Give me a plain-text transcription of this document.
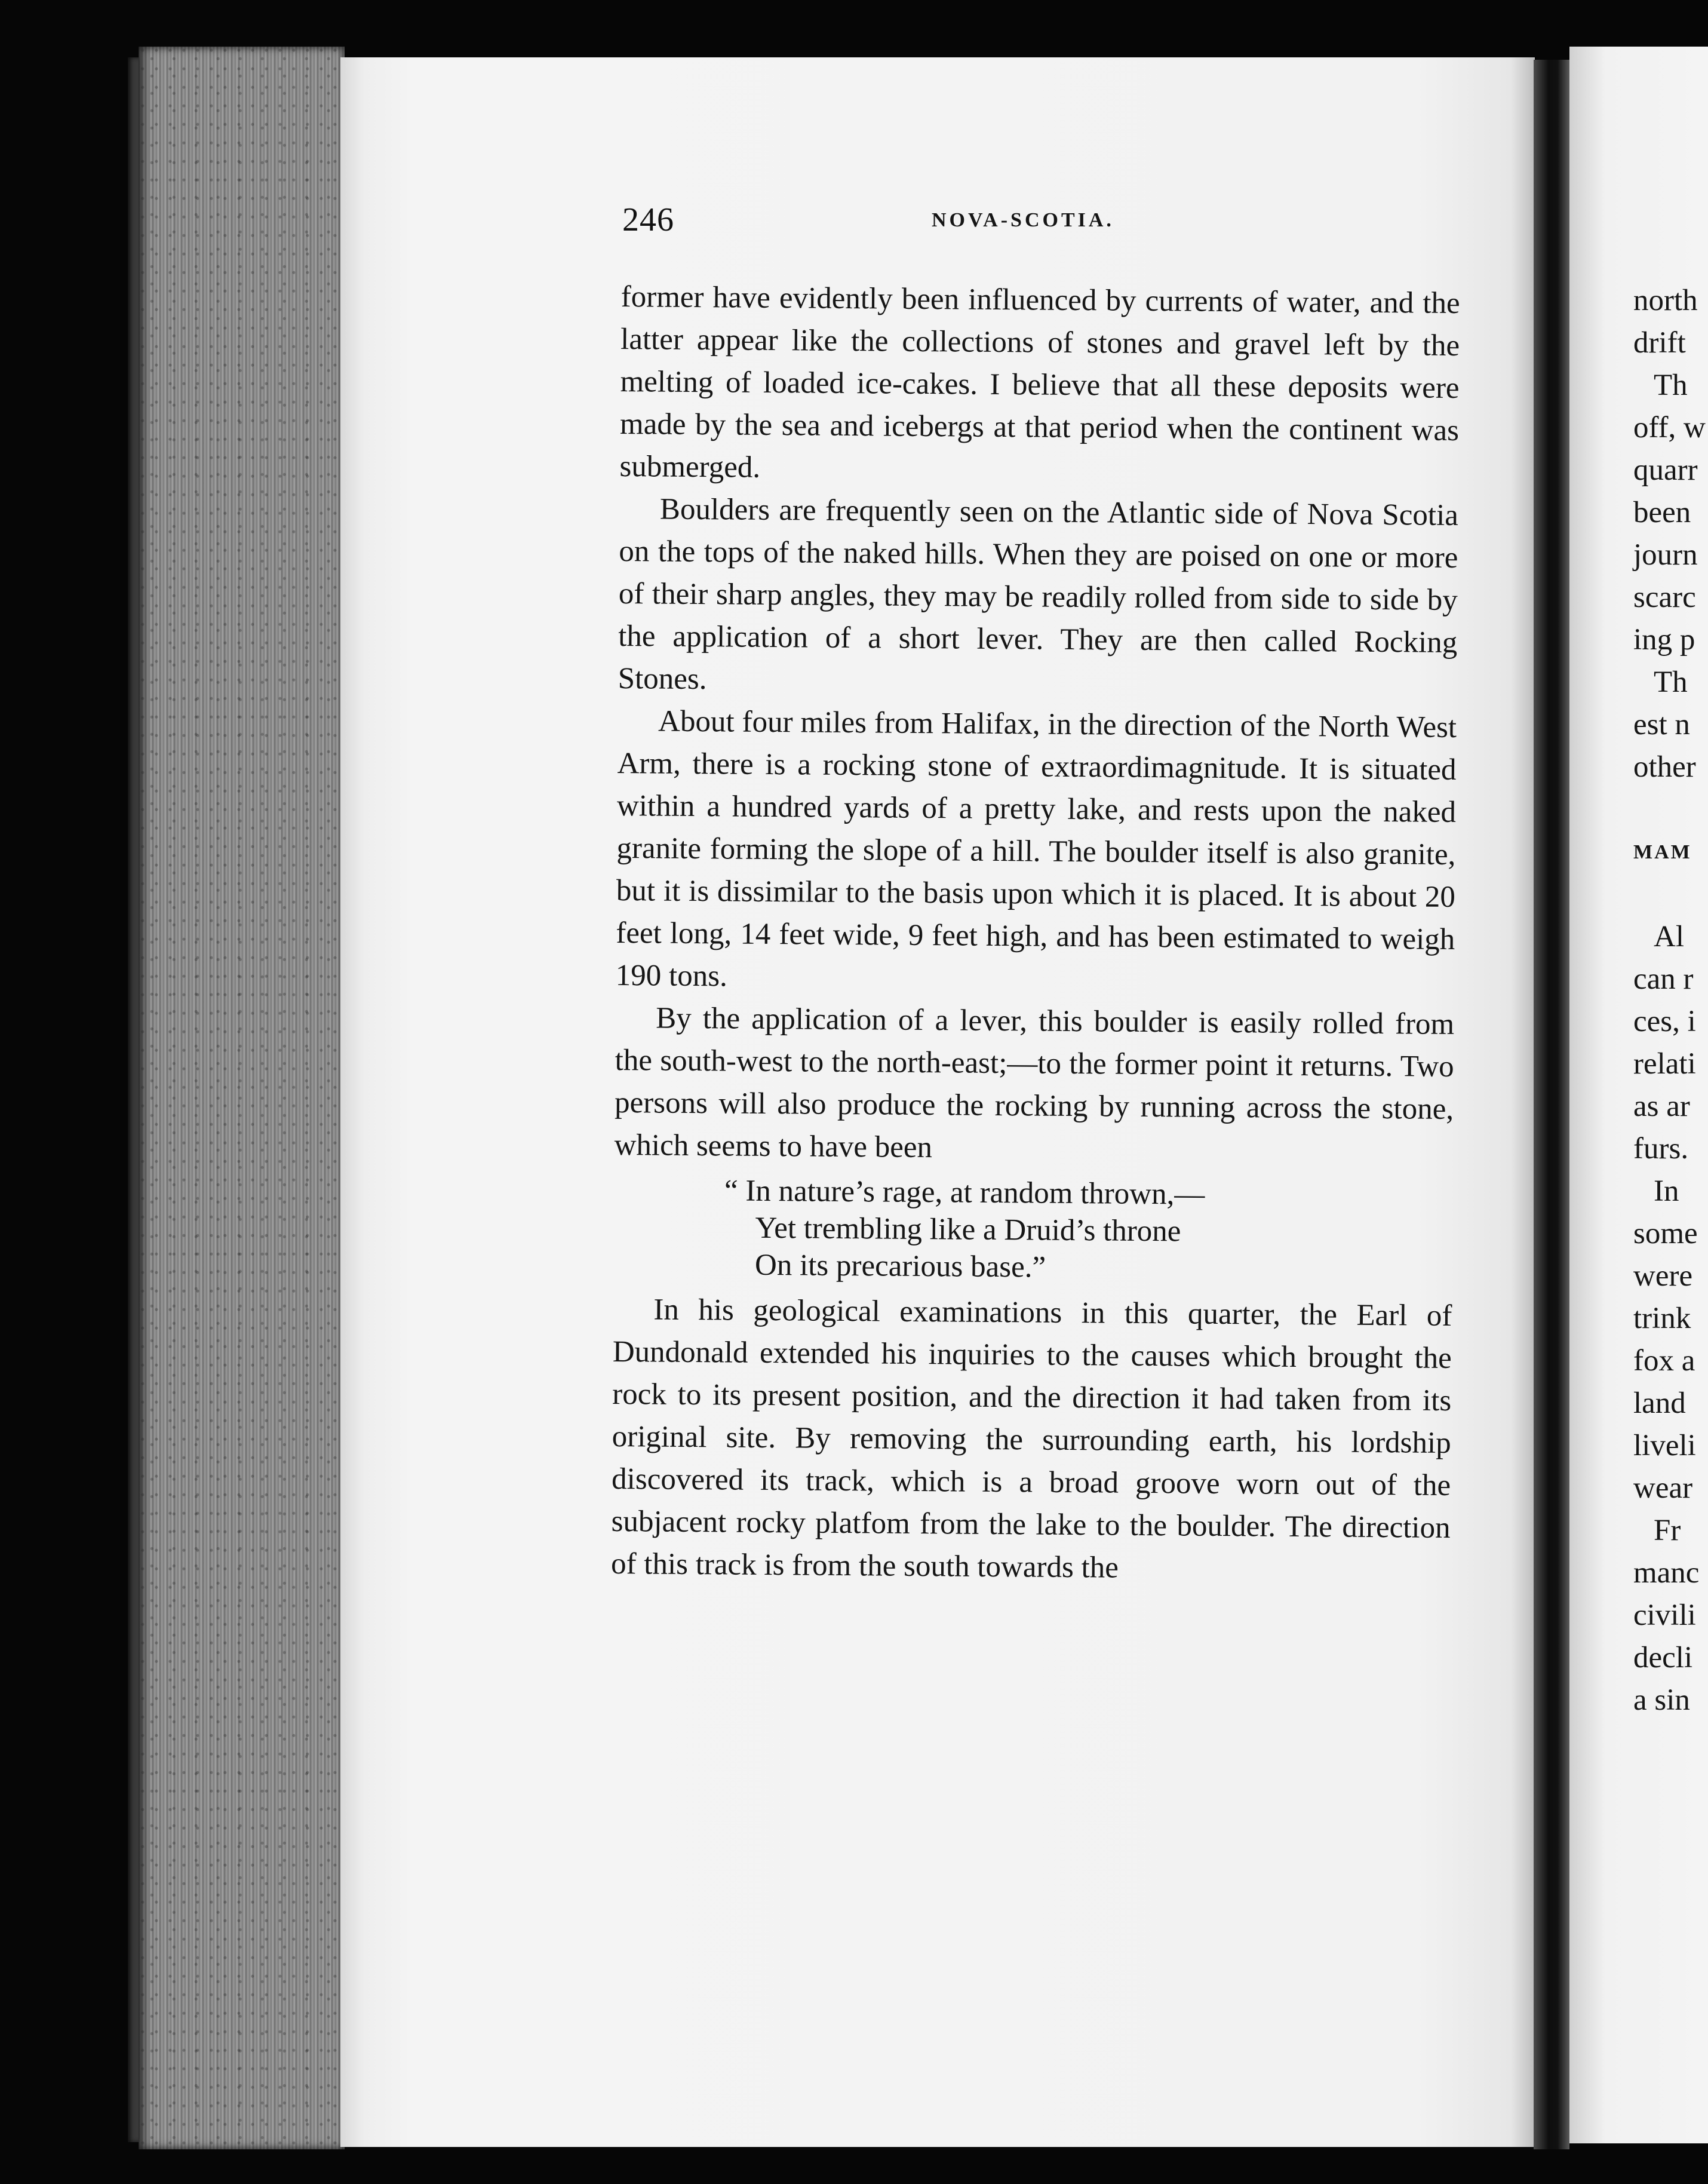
246	NOVA-SCOTIA.

former have evidently been influenced by currents of water, and the latter appear like the collections of stones and gravel left by the melting of loaded ice-cakes. I believe that all these deposits were made by the sea and icebergs at that period when the continent was submerged.

Boulders are frequently seen on the Atlantic side of Nova Scotia on the tops of the naked hills. When they are poised on one or more of their sharp angles, they may be readily rolled from side to side by the application of a short lever. They are then called Rocking Stones.

About four miles from Halifax, in the direction of the North West Arm, there is a rocking stone of extraordimagnitude. It is situated within a hundred yards of a pretty lake, and rests upon the naked granite forming the slope of a hill. The boulder itself is also granite, but it is dissimilar to the basis upon which it is placed. It is about 20 feet long, 14 feet wide, 9 feet high, and has been estimated to weigh 190 tons.

By the application of a lever, this boulder is easily rolled from the south-west to the north-east;—to the former point it returns. Two persons will also produce the rocking by running across the stone, which seems to have been

“ In nature’s rage, at random thrown,—
Yet trembling like a Druid’s throne
On its precarious base.”

In his geological examinations in this quarter, the Earl of Dundonald extended his inquiries to the causes which brought the rock to its present position, and the direction it had taken from its original site. By removing the surrounding earth, his lordship discovered its track, which is a broad groove worn out of the subjacent rocky platfom from the lake to the boulder. The direction of this track is from the south towards the

north
drift
Th
off, w
quarr
been
journ
scarc
ing p
Th
est n
other
MAM
Al
can r
ces, i
relati
as ar
furs.
In
some
were
trink
fox a
land
liveli
wear
Fr
manc
civili
decli
a sin
